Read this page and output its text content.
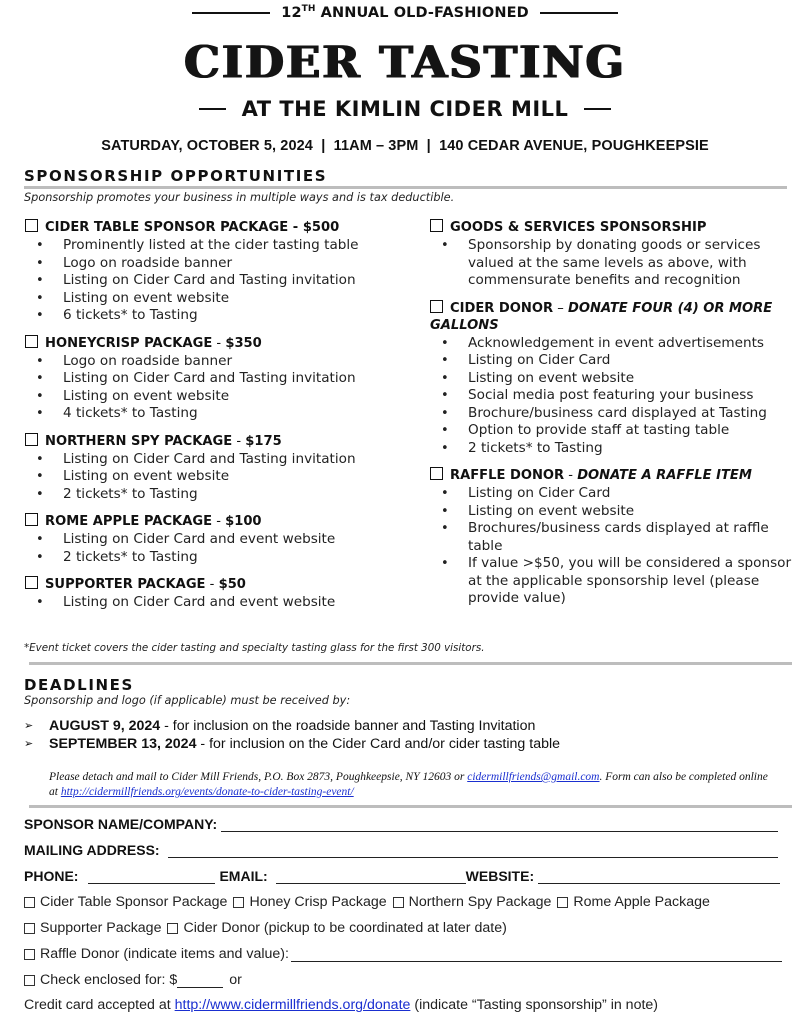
12TH ANNUAL OLD-FASHIONED
CIDER TASTING
AT THE KIMLIN CIDER MILL
SATURDAY, OCTOBER 5, 2024  |  11AM – 3PM  |  140 CEDAR AVENUE, POUGHKEEPSIE
SPONSORSHIP OPPORTUNITIES
Sponsorship promotes your business in multiple ways and is tax deductible.
CIDER TABLE SPONSOR PACKAGE - $500
• Prominently listed at the cider tasting table
• Logo on roadside banner
• Listing on Cider Card and Tasting invitation
• Listing on event website
• 6 tickets* to Tasting
HONEYCRISP PACKAGE - $350
• Logo on roadside banner
• Listing on Cider Card and Tasting invitation
• Listing on event website
• 4 tickets* to Tasting
NORTHERN SPY PACKAGE - $175
• Listing on Cider Card and Tasting invitation
• Listing on event website
• 2 tickets* to Tasting
ROME APPLE PACKAGE - $100
• Listing on Cider Card and event website
• 2 tickets* to Tasting
SUPPORTER PACKAGE - $50
• Listing on Cider Card and event website
GOODS & SERVICES SPONSORSHIP
• Sponsorship by donating goods or services valued at the same levels as above, with commensurate benefits and recognition
CIDER DONOR – DONATE FOUR (4) OR MORE
GALLONS
• Acknowledgement in event advertisements
• Listing on Cider Card
• Listing on event website
• Social media post featuring your business
• Brochure/business card displayed at Tasting
• Option to provide staff at tasting table
• 2 tickets* to Tasting
RAFFLE DONOR - DONATE A RAFFLE ITEM
• Listing on Cider Card
• Listing on event website
• Brochures/business cards displayed at raffle table
• If value >$50, you will be considered a sponsor at the applicable sponsorship level (please provide value)
*Event ticket covers the cider tasting and specialty tasting glass for the first 300 visitors.
DEADLINES
Sponsorship and logo (if applicable) must be received by:
➢ AUGUST 9, 2024 - for inclusion on the roadside banner and Tasting Invitation
➢ SEPTEMBER 13, 2024 - for inclusion on the Cider Card and/or cider tasting table
Please detach and mail to Cider Mill Friends, P.O. Box 2873, Poughkeepsie, NY 12603 or cidermillfriends@gmail.com. Form can also be completed online at http://cidermillfriends.org/events/donate-to-cider-tasting-event/
SPONSOR NAME/COMPANY:
MAILING ADDRESS:
PHONE:	EMAIL:	WEBSITE:
Cider Table Sponsor Package Honey Crisp Package Northern Spy Package Rome Apple Package
Supporter Package Cider Donor (pickup to be coordinated at later date)
Raffle Donor (indicate items and value):
Check enclosed for: $	or
Credit card accepted at http://www.cidermillfriends.org/donate (indicate “Tasting sponsorship” in note)
